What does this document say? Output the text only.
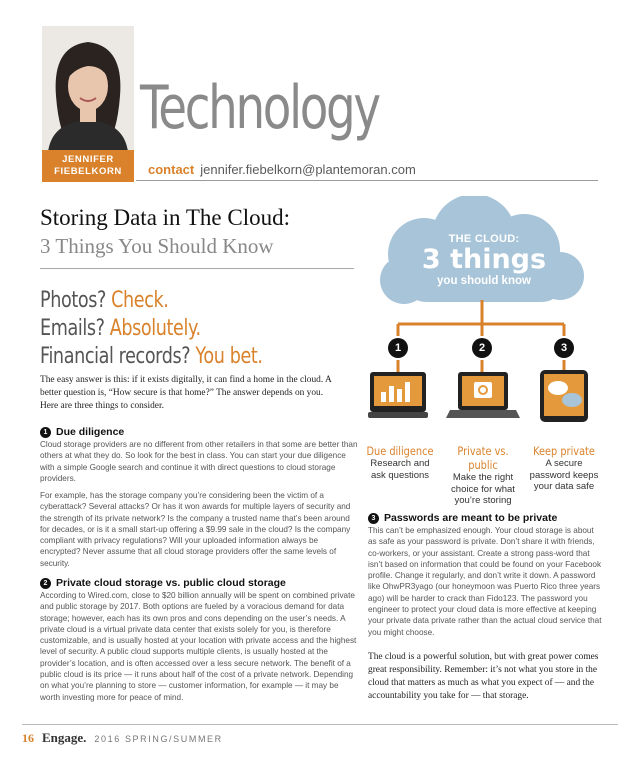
JENNIFER
FIEBELKORN
Technology
contact jennifer.fiebelkorn@plantemoran.com
Storing Data in The Cloud:
3 Things You Should Know
Photos? Check.
Emails? Absolutely.
Financial records? You bet.
The easy answer is this: if it exists digitally, it can find a home in the cloud. A better question is, “How secure is that home?” The answer depends on you. Here are three things to consider.
1 Due diligence
Cloud storage providers are no different from other retailers in that some are better than others at what they do. So look for the best in class. You can start your due diligence with a simple Google search and continue it with direct questions to cloud storage providers.
For example, has the storage company you’re considering been the victim of a cyberattack? Several attacks? Or has it won awards for multiple layers of security and the strength of its private network? Is the company a trusted name that’s been around for decades, or is it a small start-up offering a $9.99 sale in the cloud? Is the company compliant with privacy regulations? Will your uploaded information always be encrypted? Never assume that all cloud storage providers offer the same levels of security.
2 Private cloud storage vs. public cloud storage
According to Wired.com, close to $20 billion annually will be spent on combined private and public storage by 2017. Both options are fueled by a voracious demand for data storage; however, each has its own pros and cons depending on the user’s needs. A private cloud is a virtual private data center that exists solely for you, is therefore customizable, and is usually hosted at your location with private access and the highest level of security. A public cloud supports multiple clients, is usually hosted at the provider’s location, and is often accessed over a less secure network. The benefit of a public cloud is its price — it runs about half of the cost of a private network. Depending on what you’re planning to store — customer information, for example — it may be worth investing more for peace of mind.
THE CLOUD:
3 things
you should know
1	2	3
Due diligence
Research and
ask questions
Private vs. public
Make the right
choice for what
you’re storing
Keep private
A secure
password keeps
your data safe
3 Passwords are meant to be private
This can’t be emphasized enough. Your cloud storage is about as safe as your password is private. Don’t share it with friends, co-workers, or your assistant. Create a strong pass-word that isn’t based on information that could be found on your Facebook profile. Change it regularly, and don’t write it down. A password like OhwPR3yago (our honeymoon was Puerto Rico three years ago) will be harder to crack than Fido123. The password you engineer to protect your cloud data is more effective at keeping your private data private rather than the actual cloud service that you might choose.
The cloud is a powerful solution, but with great power comes great responsibility. Remember: it’s not what you store in the cloud that matters as much as what you expect of — and the accountability you take for — that storage.
16 Engage. 2016 SPRING/SUMMER
